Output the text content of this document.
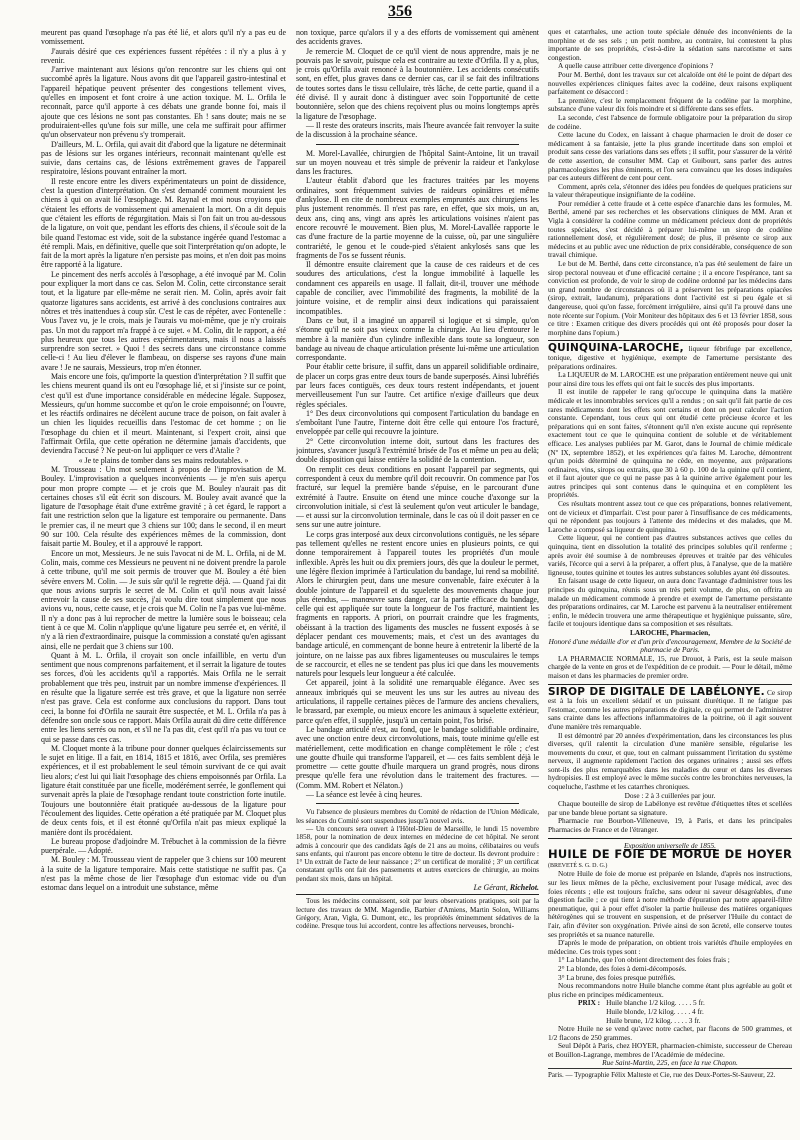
356

meurent pas quand l'œsophage n'a pas été lié, et alors qu'il n'y a pas eu de vomissement.

J'aurais désiré que ces expériences fussent répétées : il n'y a plus à y revenir.

J'arrive maintenant aux lésions qu'on rencontre sur les chiens qui ont succombé après la ligature. Nous avons dit que l'appareil gastro-intestinal et l'appareil hépatique peuvent présenter des congestions tellement vives, qu'elles en imposent et font croire à une action toxique. M. L. Orfila le reconnaît, parce qu'il apporte à ces débats une grande bonne foi, mais il ajoute que ces lésions ne sont pas constantes. Eh ! sans doute; mais ne se produiraient-elles qu'une fois sur mille, une cela me suffirait pour affirmer qu'un observateur non prévenu s'y tromperait.

D'ailleurs, M. L. Orfila, qui avait dit d'abord que la ligature ne déterminait pas de lésions sur les organes intérieurs, reconnait maintenant qu'elle est suivie, dans certains cas, de lésions extrêmement graves de l'appareil respiratoire, lésions pouvant entraîner la mort.

Il reste encore entre les divers expérimentateurs un point de dissidence, c'est la question d'interprétation. On s'est demandé comment mouraient les chiens à qui on avait lié l'œsophage. M. Raynal et moi nous croyions que c'étaient les efforts de vomissement qui amenaient la mort. On a dit depuis que c'étaient les efforts de régurgitation. Mais si l'on fait un trou au-dessous de la ligature, on voit que, pendant les efforts des chiens, il s'écoule soit de la bile quand l'estomac est vide, soit de la substance ingérée quand l'estomac a été rempli. Mais, en définitive, quelle que soit l'interprétation qu'on adopte, le fait de la mort après la ligature n'en persiste pas moins, et n'en doit pas moins être rapporté à la ligature.

Le pincement des nerfs accolés à l'œsophage, a été invoqué par M. Colin pour expliquer la mort dans ce cas. Selon M. Colin, cette circonstance serait tout, et la ligature par elle-même ne serait rien. M. Colin, après avoir fait quatorze ligatures sans accidents, est arrivé à des conclusions contraires aux nôtres et très inattendues à coup sûr. C'est le cas de répéter, avec Fontenelle : Vous l'avez vu, je le crois, mais je l'aurais vu moi-même, que je n'y croirais pas. Un mot du rapport m'a frappé à ce sujet. « M. Colin, dit le rapport, a été plus heureux que tous les autres expérimentateurs, mais il nous a laissés surprendre son secret. » Quoi ! des secrets dans une circonstance comme celle-ci ! Au lieu d'élever le flambeau, on disperse ses rayons d'une main avare ! Je ne saurais, Messieurs, trop m'en étonner.

Mais encore une fois, qu'importe la question d'interprétation ? Il suffit que les chiens meurent quand ils ont eu l'œsophage lié, et si j'insiste sur ce point, c'est qu'il est d'une importance considérable en médecine légale. Supposez, Messieurs, qu'un homme succombe et qu'on le croie empoisonné; on l'ouvre, et les réactifs ordinaires ne décèlent aucune trace de poison, on fait avaler à un chien les liquides recueillis dans l'estomac de cet homme ; on lie l'œsophage du chien et il meurt. Maintenant, si l'expert croit, ainsi que l'affirmait Orfila, que cette opération ne détermine jamais d'accidents, que deviendra l'accusé ? Ne peut-on lui appliquer ce vers d'Atalie ?

« Je te plains de tomber dans ses mains redoutables. »

M. Trousseau : Un mot seulement à propos de l'improvisation de M. Bouley. L'improvisation a quelques inconvénients — je m'en suis aperçu pour mon propre compte — et je crois que M. Bouley n'aurait pas dit certaines choses s'il eût écrit son discours. M. Bouley avait avancé que la ligature de l'œsophage était d'une extrême gravité ; à cet égard, le rapport a fait une restriction selon que la ligature est temporaire ou permanente. Dans le premier cas, il ne meurt que 3 chiens sur 100; dans le second, il en meurt 90 sur 100. Cela résulte des expériences mêmes de la commission, dont faisait partie M. Bouley, et il a approuvé le rapport.

Encore un mot, Messieurs. Je ne suis l'avocat ni de M. L. Orfila, ni de M. Colin, mais, comme ces Messieurs ne peuvent ni ne doivent prendre la parole à cette tribune, qu'il me soit permis de trouver que M. Bouley a été bien sévère envers M. Colin. — Je suis sûr qu'il le regrette déjà. — Quand j'ai dit que nous avions surpris le secret de M. Colin et qu'il nous avait laissé entrevoir la cause de ses succès, j'ai voulu dire tout simplement que nous avions vu, nous, cette cause, et je crois que M. Colin ne l'a pas vue lui-même. Il n'y a donc pas à lui reprocher de mettre la lumière sous le boisseau; cela tient à ce que M. Colin n'applique qu'une ligature peu serrée et, en vérité, il n'y a là rien d'extraordinaire, puisque la commission a constaté qu'en agissant ainsi, elle ne perdait que 3 chiens sur 100.

Quant à M. L. Orfila, il croyait son oncle infaillible, en vertu d'un sentiment que nous comprenons parfaitement, et il serrait la ligature de toutes ses forces, d'où les accidents qu'il a rapportés. Mais Orfila ne le serrait probablement que très peu, instruit par un nombre immense d'expériences. Il en résulte que la ligature serrée est très grave, et que la ligature non serrée n'est pas grave. Cela est conforme aux conclusions du rapport. Dans tout ceci, la bonne foi d'Orfila ne saurait être suspectée, et M. L. Orfila n'a pas à défendre son oncle sous ce rapport. Mais Orfila aurait dû dire cette différence entre les liens serrés ou non, et s'il ne l'a pas dit, c'est qu'il n'a pas vu tout ce qui se passe dans ces cas.

M. Cloquet monte à la tribune pour donner quelques éclaircissements sur le sujet en litige. Il a fait, en 1814, 1815 et 1816, avec Orfila, ses premières expériences, et il est probablement le seul témoin survivant de ce qui avait lieu alors; c'est lui qui liait l'œsophage des chiens empoisonnés par Orfila. La ligature était constituée par une ficelle, modérément serrée, le gonflement qui survenait après la plaie de l'œsophage rendant toute constriction forte inutile. Toujours une boutonnière était pratiquée au-dessous de la ligature pour l'écoulement des liquides. Cette opération a été pratiquée par M. Cloquet plus de deux cents fois, et il est étonné qu'Orfila n'ait pas mieux expliqué la manière dont ils procédaient.

Le bureau propose d'adjoindre M. Trébuchet à la commission de la fièvre puerpérale. — Adopté.

M. Bouley : M. Trousseau vient de rappeler que 3 chiens sur 100 meurent à la suite de la ligature temporaire. Mais cette statistique ne suffit pas. Ça n'est pas la même chose de lier l'œsophage d'un estomac vide ou d'un estomac dans lequel on a introduit une substance, même

non toxique, parce qu'alors il y a des efforts de vomissement qui amènent des accidents graves.

Je remercie M. Cloquet de ce qu'il vient de nous apprendre, mais je ne pouvais pas le savoir, puisque cela est contraire au texte d'Orfila. Il y a, plus, je crois qu'Orfila avait renoncé à la boutonnière. Les accidents consécutifs sont, en effet, plus graves dans ce dernier cas, car il se fait des infiltrations de toutes sortes dans le tissu cellulaire, très lâche, de cette partie, quand il a été divisé. Il y aurait donc à distinguer avec soin l'opportunité de cette boutonnière, selon que des chiens reçoivent plus ou moins longtemps après la ligature de l'œsophage.

— Il reste des orateurs inscrits, mais l'heure avancée fait renvoyer la suite de la discussion à la prochaine séance.

M. Morel-Lavallée, chirurgien de l'hôpital Saint-Antoine, lit un travail sur un moyen nouveau et très simple de prévenir la raideur et l'ankylose dans les fractures.

L'auteur établit d'abord que les fractures traitées par les moyens ordinaires, sont fréquemment suivies de raideurs opiniâtres et même d'ankylose. Il en cite de nombreux exemples empruntés aux chirurgiens les plus justement renommés. Il n'est pas rare, en effet, que six mois, un an, deux ans, cinq ans, vingt ans après les articulations voisines n'aient pas encore recouvré le mouvement. Bien plus, M. Morel-Lavallée rapporte le cas d'une fracture de la partie moyenne de la cuisse, où, par une singulière contrariété, le genou et le coude-pied s'étaient ankylosés sans que les fragments de l'os se fussent réunis.

Il démontre ensuite clairement que la cause de ces raideurs et de ces soudures des articulations, c'est la longue immobilité à laquelle les condamnent ces appareils en usage. Il fallait, dit-il, trouver une méthode capable de concilier, avec l'immobilité des fragments, la mobilité de la jointure voisine, et de remplir ainsi deux indications qui paraissaient incompatibles.

Dans ce but, il a imaginé un appareil si logique et si simple, qu'on s'étonne qu'il ne soit pas vieux comme la chirurgie. Au lieu d'entourer le membre à la manière d'un cylindre inflexible dans toute sa longueur, son bandage au niveau de chaque articulation présente lui-même une articulation correspondante.

Pour établir cette brisure, il suffit, dans un appareil solidifiable ordinaire, de placer un corps gras entre deux tours de bande superposés. Ainsi lubréfiés par leurs faces contiguës, ces deux tours restent indépendants, et jouent merveilleusement l'un sur l'autre. Cet artifice n'exige d'ailleurs que deux règles spéciales.

1° Des deux circonvolutions qui composent l'articulation du bandage en s'emboîtant l'une l'autre, l'interne doit être celle qui entoure l'os fracturé, enveloppée par celle qui recouvre la jointure.

2° Cette circonvolution interne doit, surtout dans les fractures des jointures, s'avancer jusqu'à l'extrémité brisée de l'os et même un peu au delà; double disposition qui laisse entière la solidité de la contention.

On remplit ces deux conditions en posant l'appareil par segments, qui correspondent à ceux du membre qu'il doit recouvrir. On commence par l'os fracturé, sur lequel la première bande s'épuise, en le parcourant d'une extrémité à l'autre. Ensuite on étend une mince couche d'axonge sur la circonvolution initiale, si c'est là seulement qu'on veut articuler le bandage, — et aussi sur la circonvolution terminale, dans le cas où il doit passer en ce sens sur une autre jointure.

Le corps gras interposé aux deux circonvolutions contiguës, ne les sépare pas tellement qu'elles ne restent encore unies en plusieurs points, ce qui donne temporairement à l'appareil toutes les propriétés d'un moule inflexible. Après les huit ou dix premiers jours, dès que la douleur le permet, une légère flexion imprimée à l'articulation du bandage, lui rend sa mobilité. Alors le chirurgien peut, dans une mesure convenable, faire exécuter à la double jointure de l'appareil et du squelette des mouvements chaque jour plus étendus, — manœuvre sans danger, car la partie efficace du bandage, celle qui est appliquée sur toute la longueur de l'os fracturé, maintient les fragments en rapports. A priori, on pourrait craindre que les fragments, obéissant à la traction des ligaments des muscles ne fussent exposés à se déplacer pendant ces mouvements; mais, et c'est un des avantages du bandage articulé, en commençant de bonne heure à entretenir la liberté de la jointure, on ne laisse pas aux fibres ligamenteuses ou musculaires le temps de se raccourcir, et elles ne se tendent pas plus ici que dans les mouvements naturels pour lesquels leur longueur a été calculée.

Cet appareil, joint à la solidité une remarquable élégance. Avec ses anneaux imbriqués qui se meuvent les uns sur les autres au niveau des articulations, il rappelle certaines pièces de l'armure des anciens chevaliers, le brassard, par exemple, ou mieux encore les animaux à squelette extérieur, parce qu'en effet, il supplée, jusqu'à un certain point, l'os brisé.

Le bandage articulé n'est, au fond, que le bandage solidifiable ordinaire, avec une onction entre deux circonvolutions, mais, toute minime qu'elle est matériellement, cette modification en change complètement le rôle ; c'est une goutte d'huile qui transforme l'appareil, et — ces faits semblent déjà le promettre — cette goutte d'huile marquera un grand progrès, nous dirons presque qu'elle fera une révolution dans le traitement des fractures. — (Comm. MM. Robert et Nélaton.)

— La séance est levée à cinq heures.

Vu l'absence de plusieurs membres du Comité de rédaction de l'Union Médicale, les séances du Comité sont suspendues jusqu'à nouvel avis.

— Un concours sera ouvert à l'Hôtel-Dieu de Marseille, le lundi 15 novembre 1858, pour la nomination de deux internes en médecine de cet hôpital. Ne seront admis à concourir que des candidats âgés de 21 ans au moins, célibataires ou veufs sans enfants, qui n'auront pas encore obtenu le titre de docteur. Ils devront produire : 1° Un extrait de l'acte de leur naissance ; 2° un certificat de moralité ; 3° un certificat constatant qu'ils ont fait des pansements et autres exercices de chirurgie, au moins pendant six mois, dans un hôpital.

Le Gérant, Richelot.

Tous les médecins connaissent, soit par leurs observations pratiques, soit par la lecture des travaux de MM. Magendie, Barbier d'Amiens, Martin Solon, Williams Grégory, Aran, Vigla, G. Dumont, etc., les propriétés éminemment sédatives de la codéine. Presque tous lui accordent, contre les affections nerveuses, bronchi-

ques et catarrhales, une action toute spéciale dénuée des inconvénients de la morphine et de ses sels ; un petit nombre, au contraire, lui contestent la plus importante de ses propriétés, c'est-à-dire la sédation sans narcotisme et sans congestion.

A quelle cause attribuer cette divergence d'opinions ?

Pour M. Berthé, dont les travaux sur cet alcaloïde ont été le point de départ des nouvelles expériences cliniques faites avec la codéine, deux raisons expliquent parfaitement ce désaccord :

La première, c'est le remplacement fréquent de la codéine par la morphine, substance d'une valeur dix fois moindre et si différente dans ses effets.

La seconde, c'est l'absence de formule obligatoire pour la préparation du sirop de codéine.

Cette lacune du Codex, en laissant à chaque pharmacien le droit de doser ce médicament à sa fantaisie, jette la plus grande incertitude dans son emploi et produit sans cesse des variations dans ses effets ; il suffit, pour s'assurer de la vérité de cette assertion, de consulter MM. Cap et Guibourt, sans parler des autres pharmacologistes les plus éminents, et l'on sera convaincu que les doses indiquées par ces auteurs diffèrent de cent pour cent.

Comment, après cela, s'étonner des idées peu fondées de quelques praticiens sur la valeur thérapeutique insignifiante de la codéine.

Pour remédier à cette fraude et à cette espèce d'anarchie dans les formules, M. Berthé, amené par ses recherches et les observations cliniques de MM. Aran et Vigla à considérer la codéine comme un médicament précieux dont de propriétés toutes spéciales, s'est décidé à préparer lui-même un sirop de codéine rationnellement dosé, et régulièrement dosé; de plus, il présente ce sirop aux médecins et au public avec une réduction de prix considérable, conséquence de son travail chimique.

Le but de M. Berthé, dans cette circonstance, n'a pas été seulement de faire un sirop pectoral nouveau et d'une efficacité certaine ; il a encore l'espérance, tant sa conviction est profonde, de voir le sirop de codéine ordonné par les médecins dans un grand nombre de circonstances où il a préservent les préparations opiacées (sirop, extrait, laudanum), préparations dont l'activité est si peu égale et si dangereuse, quoi qu'on fasse, forcément irrégulière, ainsi qu'il l'a prouvé dans une note récente sur l'opium. (Voir Moniteur des hôpitaux des 6 et 13 février 1858, sous ce titre : Examen critique des divers procédés qui ont été proposés pour doser la morphine dans l'opium.)

QUINQUINA-LAROCHE, liqueur fébrifuge par excellence, tonique, digestive et hygiénique, exempte de l'amertume persistante des préparations ordinaires.

La LIQUEUR de M. LAROCHE est une préparation entièrement neuve qui unit pour ainsi dire tous les effets qui ont fait le succès des plus importants.

Il est inutile de rappeler le rang qu'occupe le quinquina dans la matière médicale et les innombrables services qu'il a rendus ; on sait qu'il fait partie de ces rares médicaments dont les effets sont certains et dont on peut calculer l'action constante. Cependant, tous ceux qui ont étudié cette précieuse écorce et les préparations qui en sont faites, s'étonnent qu'il n'en existe aucune qui représente exactement tout ce que le quinquina contient de soluble et de véritablement efficace. Les analyses publiées par M. Garot, dans le Journal de chimie médicale (Nº IX, septembre 1852), et les expériences qu'a faites M. Laroche, démontrent qu'un poids déterminé de quinquina ne cède, en moyenne, aux préparations ordinaires, vins, sirops ou extraits, que 30 à 60 p. 100 de la quinine qu'il contient, et il faut ajouter que ce qui ne passe pas à la quinine arrive également pour les autres principes qui sont contenus dans le quinquina et en complètent les propriétés.

Ces résultats montrent assez tout ce que ces préparations, bonnes relativement, ont de vicieux et d'imparfait. C'est pour parer à l'insuffisance de ces médicaments, qui ne répondent pas toujours à l'attente des médecins et des malades, que M. Laroche a composé sa liqueur de quinquina.

Cette liqueur, qui ne contient pas d'autres substances actives que celles du quinquina, tient en dissolution la totalité des principes solubles qu'il renferme ; après avoir été soumise à de nombreuses épreuves et traitée par des véhicules variés, l'écorce qui a servi à la préparer, a offert plus, à l'analyse, que de la matière ligneuse, toutes quinine et toutes les autres substances solubles ayant été dissoutes.

En faisant usage de cette liqueur, on aura donc l'avantage d'administrer tous les principes du quinquina, réunis sous un très petit volume, de plus, on offrira au malade un médicament commode à prendre et exempt de l'amertume persistante des préparations ordinaires, car M. Laroche est parvenu à la neutraliser entièrement ; enfin, le médecin trouvera une arme thérapeutique et hygiénique puissante, sûre, facile et toujours identique dans sa composition et ses résultats.

LAROCHE, Pharmacien,

Honoré d'une médaille d'or et d'un prix d'encouragement, Membre de la Société de pharmacie de Paris.

LA PHARMACIE NORMALE, 15, rue Drouot, à Paris, est la seule maison chargée de la vente en gros et de l'expédition de ce produit. — Pour le détail, même maison et dans les pharmacies de premier ordre.

SIROP DE DIGITALE DE LABÉLONYE. Ce sirop est à la fois un excellent sédatif et un puissant diurétique. Il ne fatigue pas l'estomac, comme les autres préparations de digitale, ce qui permet de l'administrer sans crainte dans les affections inflammatoires de la poitrine, où il agit souvent d'une manière très remarquable.

Il est démontré par 20 années d'expérimentation, dans les circonstances les plus diverses, qu'il ralentit la circulation d'une manière sensible, régularise les mouvements du cœur, et que, tout en calmant puissamment l'irritation du système nerveux, il augmente rapidement l'action des organes urinaires ; aussi ses effets sont-ils des plus remarquables dans les maladies du cœur et dans les diverses hydropisies. Il est employé avec le même succès contre les bronchites nerveuses, la coqueluche, l'asthme et les catarrhes chroniques.

Dose : 2 à 3 cuillerées par jour.

Chaque bouteille de sirop de Labélonye est revêtue d'étiquettes têtes et scellées par une bande bleue portant sa signature.

Pharmacie rue Bourbon-Villeneuve, 19, à Paris, et dans les principales Pharmacies de France et de l'étranger.

Exposition universelle de 1855.

HUILE DE FOIE DE MORUE DE HOYER (BREVETÉ S. G. D. G.)

Notre Huile de foie de morue est préparée en Islande, d'après nos instructions, sur les lieux mêmes de la pêche, exclusivement pour l'usage médical, avec des foies récents ; elle est toujours fraîche, sans odeur ni saveur désagréables, d'une digestion facile ; ce qui tient à notre méthode d'épuration par notre appareil-filtre pneumatique, qui à pour effet d'isoler la partie huileuse des matières organiques hétérogènes qui se trouvent en suspension, et de préserver l'Huile du contact de l'air, afin d'éviter son oxygénation. Privée ainsi de son âcreté, elle conserve toutes ses propriétés et sa nuance naturelle.

D'après le mode de préparation, on obtient trois variétés d'huile employées en médecine. Ces trois types sont :

1° La blanche, que l'on obtient directement des foies frais ;

2° La blonde, des foies à demi-décomposés.

3° La brune, des foies presque putréfiés.

Nous recommandons notre Huile blanche comme étant plus agréable au goût et plus riche en principes médicamenteux.

PRIX : Huile blanche 1/2 kilog. . . . . 5 fr.
Huile blonde, 1/2 kilog. . . . . 4 fr.
Huile brune, 1/2 kilog. . . . . 3 fr.

Notre Huile ne se vend qu'avec notre cachet, par flacons de 500 grammes, et 1/2 flacons de 250 grammes.

Seul Dépôt à Paris, chez HOYER, pharmacien-chimiste, successeur de Chereau et Bouillon-Lagrange, membres de l'Académie de médecine.

Rue Saint-Martin, 225, en face la rue Chapon.

Paris. — Typographie Félix Malteste et Cie, rue des Deux-Portes-St-Sauveur, 22.
